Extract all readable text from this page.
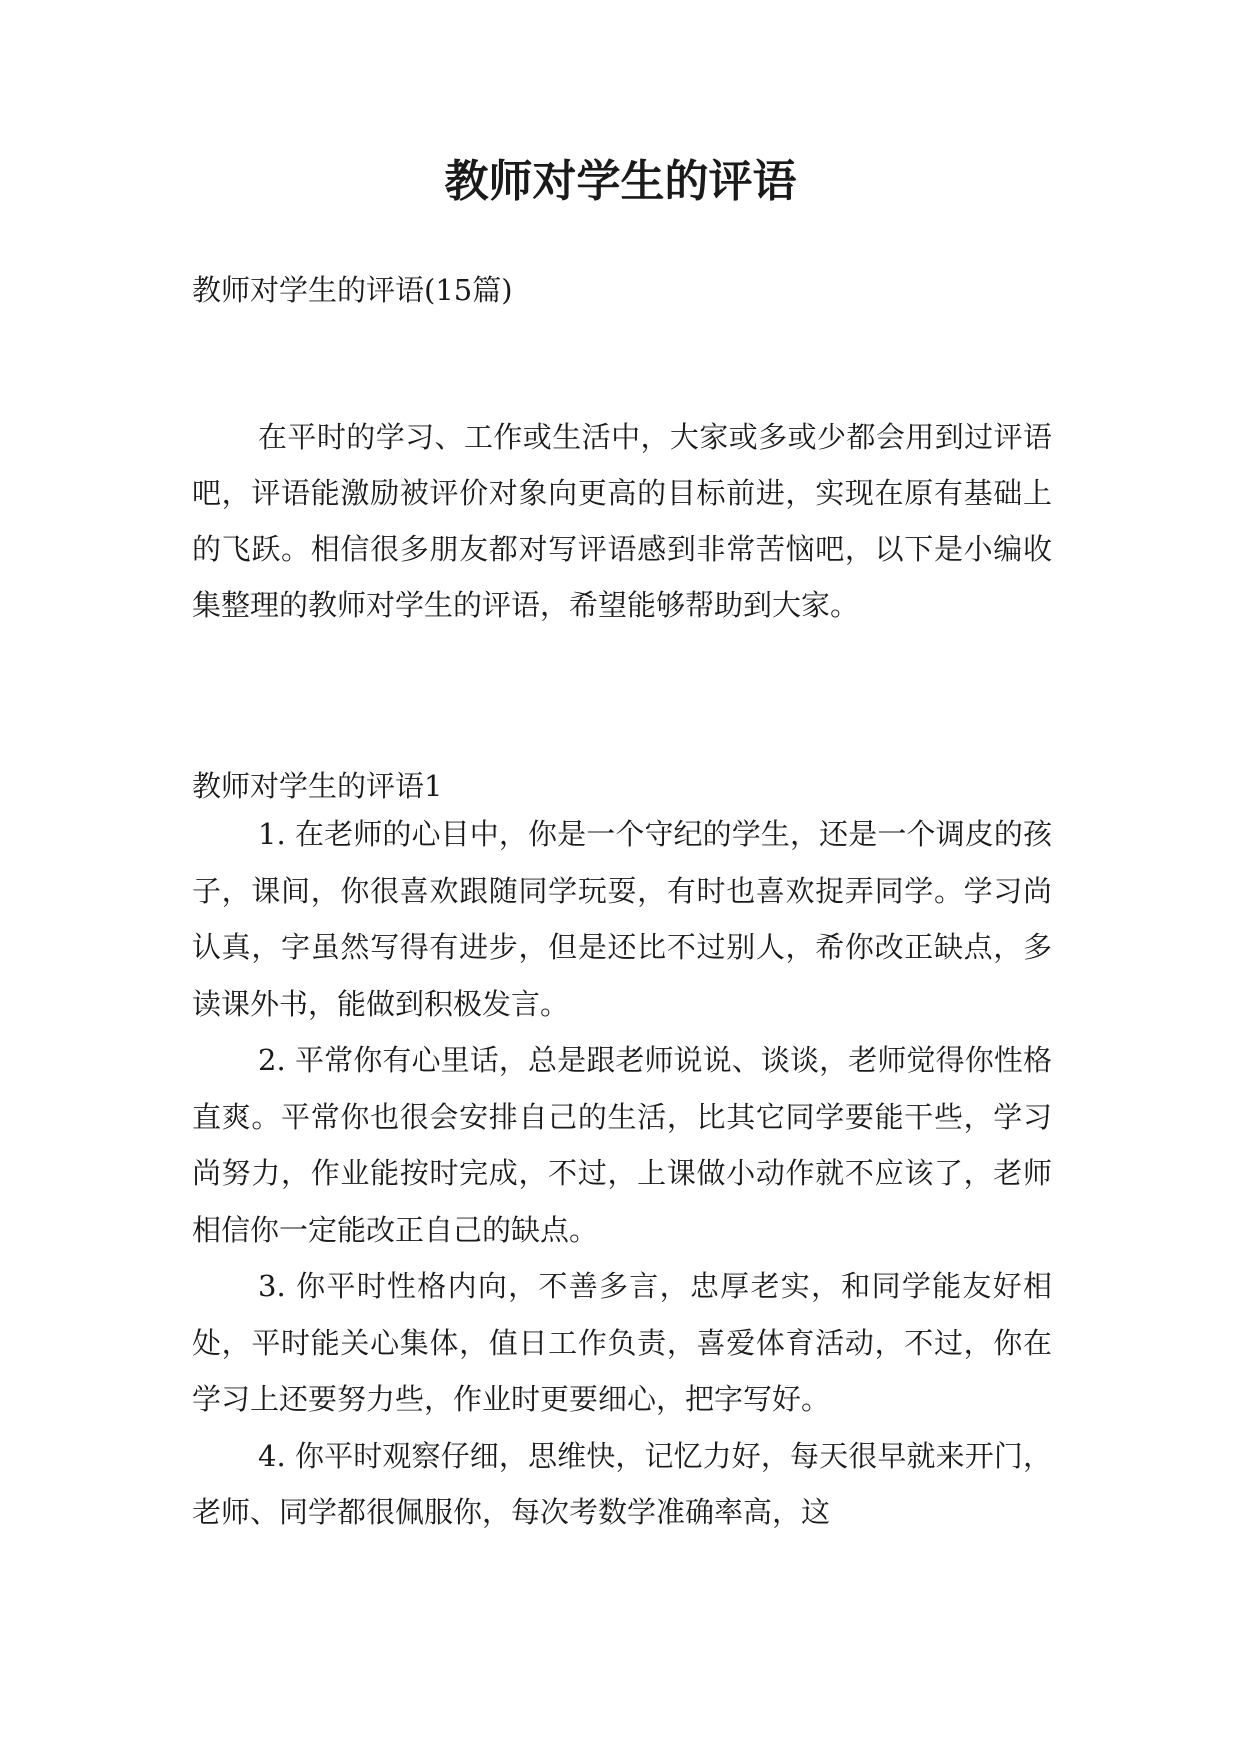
教师对学生的评语

教师对学生的评语(15篇)

在平时的学习、工作或生活中，大家或多或少都会用到过评语吧，评语能激励被评价对象向更高的目标前进，实现在原有基础上的飞跃。相信很多朋友都对写评语感到非常苦恼吧，以下是小编收集整理的教师对学生的评语，希望能够帮助到大家。

教师对学生的评语1

1. 在老师的心目中，你是一个守纪的学生，还是一个调皮的孩子，课间，你很喜欢跟随同学玩耍，有时也喜欢捉弄同学。学习尚认真，字虽然写得有进步，但是还比不过别人，希你改正缺点，多读课外书，能做到积极发言。

2. 平常你有心里话，总是跟老师说说、谈谈，老师觉得你性格直爽。平常你也很会安排自己的生活，比其它同学要能干些，学习尚努力，作业能按时完成，不过，上课做小动作就不应该了，老师相信你一定能改正自己的缺点。

3. 你平时性格内向，不善多言，忠厚老实，和同学能友好相处，平时能关心集体，值日工作负责，喜爱体育活动，不过，你在学习上还要努力些，作业时更要细心，把字写好。

4. 你平时观察仔细，思维快，记忆力好，每天很早就来开门，老师、同学都很佩服你，每次考数学准确率高，这
